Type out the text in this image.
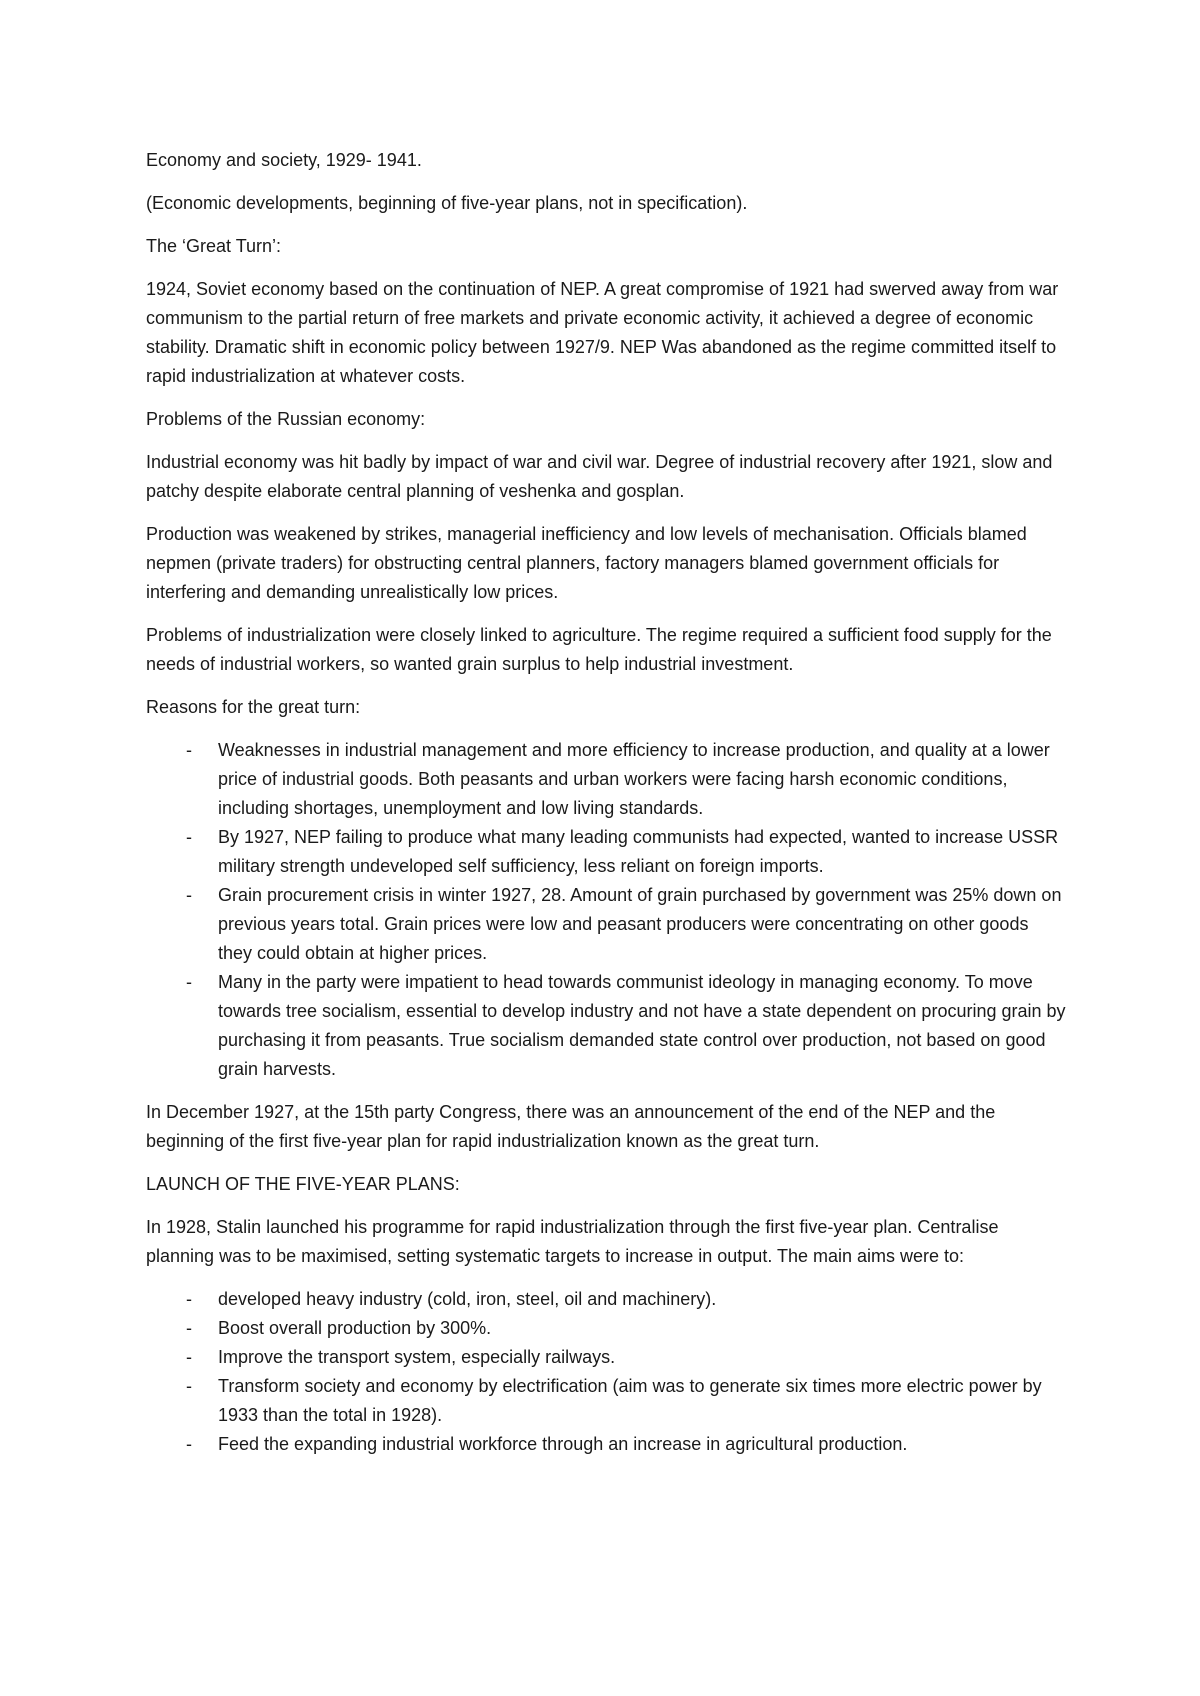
Economy and society, 1929- 1941.

(Economic developments, beginning of five-year plans, not in specification).

The ‘Great Turn’:

1924, Soviet economy based on the continuation of NEP. A great compromise of 1921 had swerved away from war communism to the partial return of free markets and private economic activity, it achieved a degree of economic stability. Dramatic shift in economic policy between 1927/9. NEP Was abandoned as the regime committed itself to rapid industrialization at whatever costs.

Problems of the Russian economy:

Industrial economy was hit badly by impact of war and civil war. Degree of industrial recovery after 1921, slow and patchy despite elaborate central planning of veshenka and gosplan.

Production was weakened by strikes, managerial inefficiency and low levels of mechanisation. Officials blamed nepmen (private traders) for obstructing central planners, factory managers blamed government officials for interfering and demanding unrealistically low prices.

Problems of industrialization were closely linked to agriculture. The regime required a sufficient food supply for the needs of industrial workers, so wanted grain surplus to help industrial investment.

Reasons for the great turn:

- Weaknesses in industrial management and more efficiency to increase production, and quality at a lower price of industrial goods. Both peasants and urban workers were facing harsh economic conditions, including shortages, unemployment and low living standards.
- By 1927, NEP failing to produce what many leading communists had expected, wanted to increase USSR military strength undeveloped self sufficiency, less reliant on foreign imports.
- Grain procurement crisis in winter 1927, 28. Amount of grain purchased by government was 25% down on previous years total. Grain prices were low and peasant producers were concentrating on other goods they could obtain at higher prices.
- Many in the party were impatient to head towards communist ideology in managing economy. To move towards tree socialism, essential to develop industry and not have a state dependent on procuring grain by purchasing it from peasants. True socialism demanded state control over production, not based on good grain harvests.

In December 1927, at the 15th party Congress, there was an announcement of the end of the NEP and the beginning of the first five-year plan for rapid industrialization known as the great turn.

LAUNCH OF THE FIVE-YEAR PLANS:

In 1928, Stalin launched his programme for rapid industrialization through the first five-year plan. Centralise planning was to be maximised, setting systematic targets to increase in output. The main aims were to:

- developed heavy industry (cold, iron, steel, oil and machinery).
- Boost overall production by 300%.
- Improve the transport system, especially railways.
- Transform society and economy by electrification (aim was to generate six times more electric power by 1933 than the total in 1928).
- Feed the expanding industrial workforce through an increase in agricultural production.
